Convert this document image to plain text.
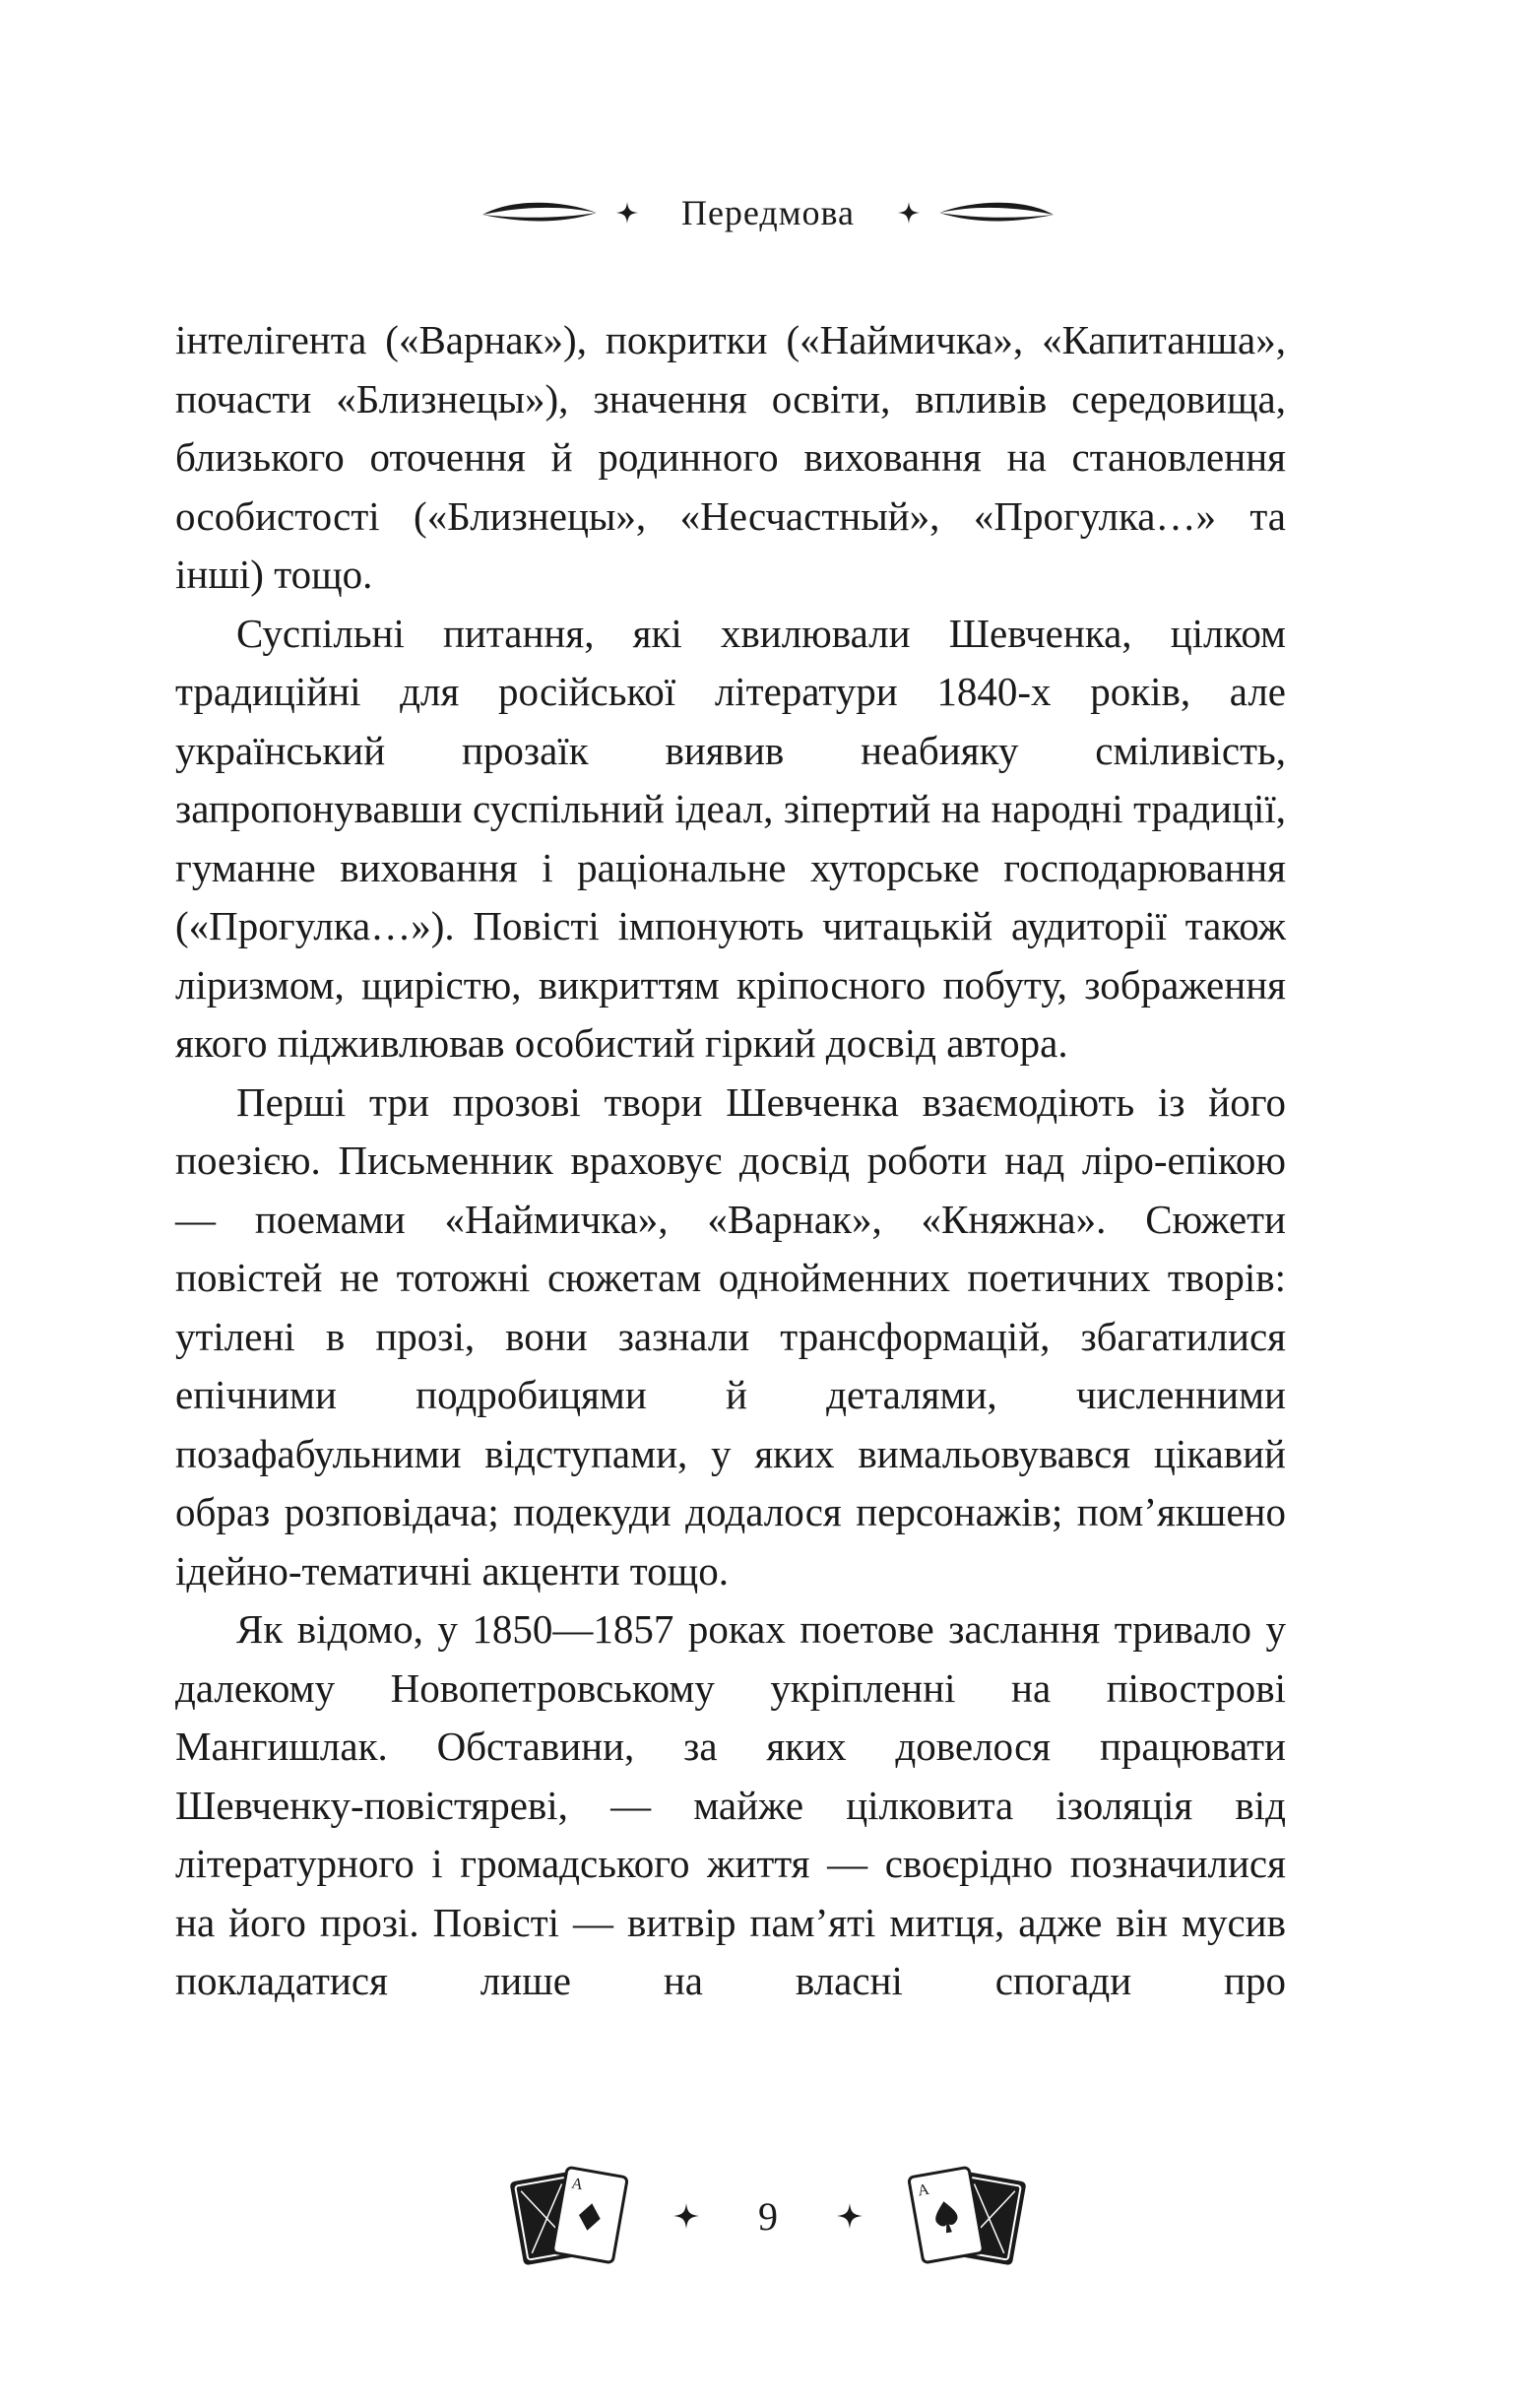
Передмова

інтелігента («Варнак»), покритки («Наймичка», «Капитанша», почасти «Близнецы»), значення освіти, впливів середовища, близького оточення й родинного виховання на становлення особистості («Близнецы», «Несчастный», «Прогулка…» та інші) тощо.

Суспільні питання, які хвилювали Шевченка, цілком традиційні для російської літератури 1840-х років, але український прозаїк виявив неабияку сміливість, запропонувавши суспільний ідеал, зіпертий на народні традиції, гуманне виховання і раціональне хуторське господарювання («Прогулка…»). Повісті імпонують читацькій аудиторії також ліризмом, щирістю, викриттям кріпосного побуту, зображення якого підживлював особистий гіркий досвід автора.

Перші три прозові твори Шевченка взаємодіють із його поезією. Письменник враховує досвід роботи над ліро-епікою — поемами «Наймичка», «Варнак», «Княжна». Сюжети повістей не тотожні сюжетам однойменних поетичних творів: утілені в прозі, вони зазнали трансформацій, збагатилися епічними подробицями й деталями, численними позафабульними відступами, у яких вимальовувався цікавий образ розповідача; подекуди додалося персонажів; пом’якшено ідейно-тематичні акценти тощо.

Як відомо, у 1850—1857 роках поетове заслання тривало у далекому Новопетровському укріпленні на півострові Мангишлак. Обставини, за яких довелося працювати Шевченку-повістяреві, — майже цілковита ізоляція від літературного і громадського життя — своєрідно позначилися на його прозі. Повісті — витвір пам’яті митця, адже він мусив покладатися лише на власні спогади про

A
9
A
